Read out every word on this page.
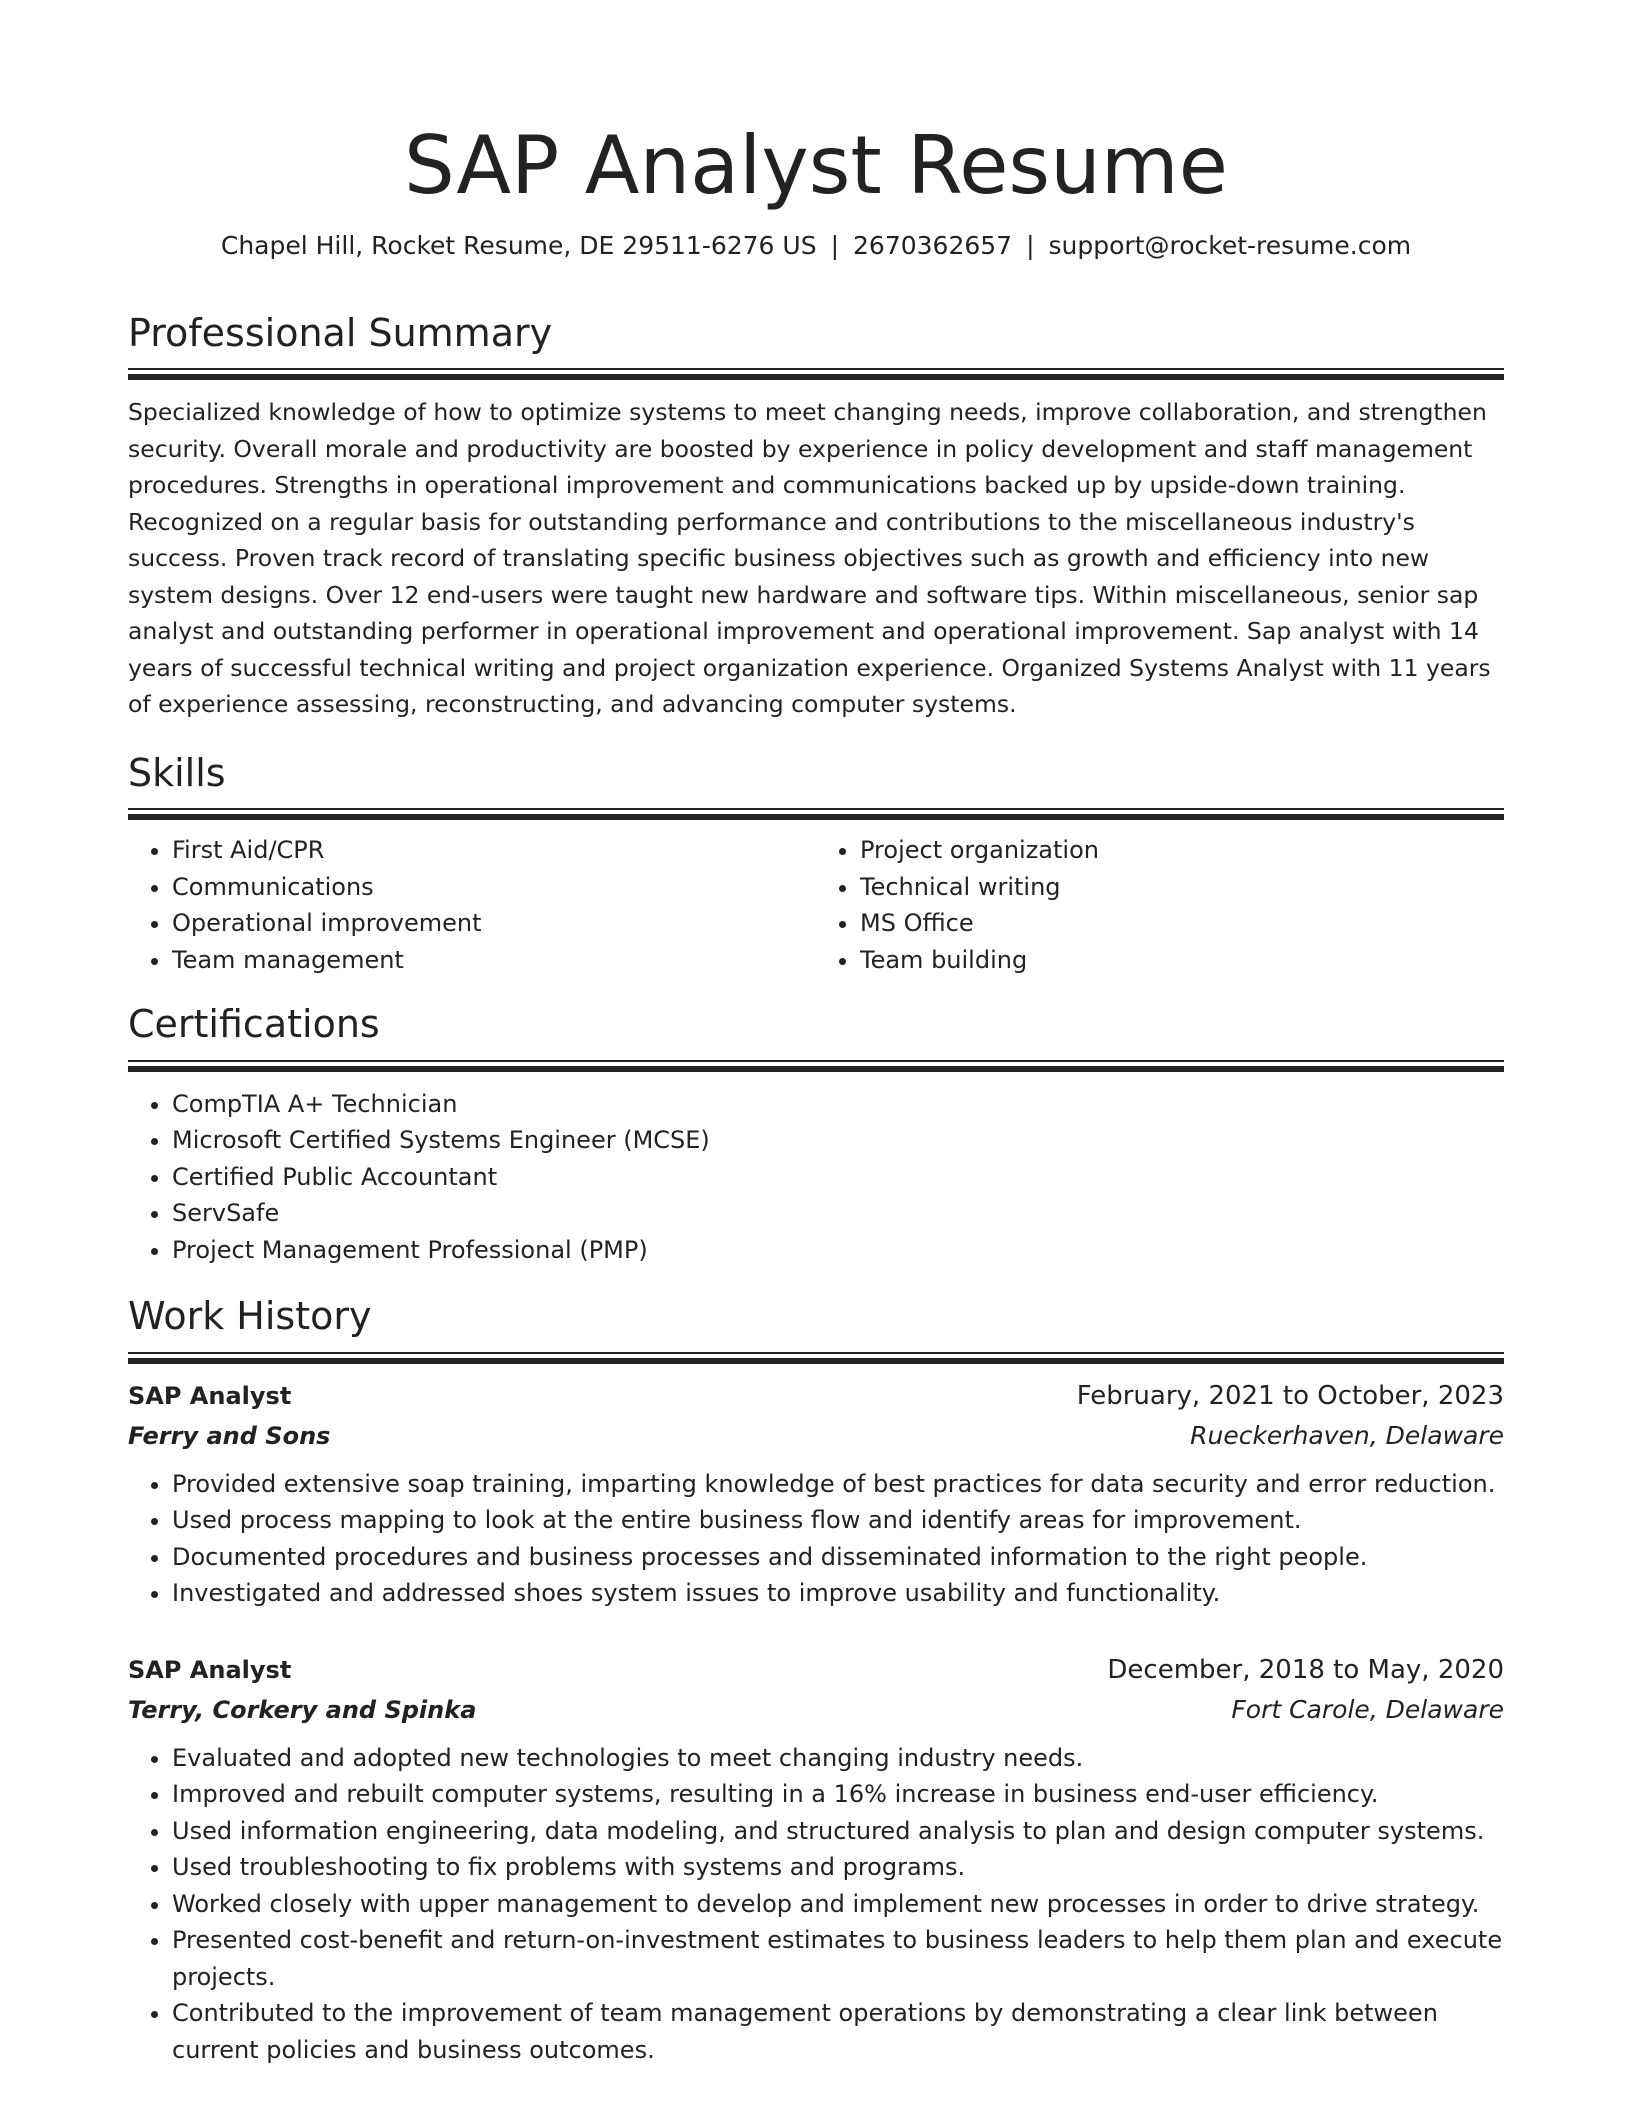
SAP Analyst Resume
Chapel Hill, Rocket Resume, DE 29511-6276 US | 2670362657 | support@rocket-resume.com
Professional Summary

Specialized knowledge of how to optimize systems to meet changing needs, improve collaboration, and strengthen security. Overall morale and productivity are boosted by experience in policy development and staff management procedures. Strengths in operational improvement and communications backed up by upside-down training. Recognized on a regular basis for outstanding performance and contributions to the miscellaneous industry's success. Proven track record of translating specific business objectives such as growth and efficiency into new system designs. Over 12 end-users were taught new hardware and software tips. Within miscellaneous, senior sap analyst and outstanding performer in operational improvement and operational improvement. Sap analyst with 14 years of successful technical writing and project organization experience. Organized Systems Analyst with 11 years of experience assessing, reconstructing, and advancing computer systems.

Skills
• First Aid/CPR
• Communications
• Operational improvement
• Team management
• Project organization
• Technical writing
• MS Office
• Team building
Certifications
• CompTIA A+ Technician
• Microsoft Certified Systems Engineer (MCSE)
• Certified Public Accountant
• ServSafe
• Project Management Professional (PMP)
Work History
SAP Analyst	February, 2021 to October, 2023
Ferry and Sons	Rueckerhaven, Delaware
• Provided extensive soap training, imparting knowledge of best practices for data security and error reduction.
• Used process mapping to look at the entire business flow and identify areas for improvement.
• Documented procedures and business processes and disseminated information to the right people.
• Investigated and addressed shoes system issues to improve usability and functionality.
SAP Analyst	December, 2018 to May, 2020
Terry, Corkery and Spinka	Fort Carole, Delaware
• Evaluated and adopted new technologies to meet changing industry needs.
• Improved and rebuilt computer systems, resulting in a 16% increase in business end-user efficiency.
• Used information engineering, data modeling, and structured analysis to plan and design computer systems.
• Used troubleshooting to fix problems with systems and programs.
• Worked closely with upper management to develop and implement new processes in order to drive strategy.
• Presented cost-benefit and return-on-investment estimates to business leaders to help them plan and execute projects.
• Contributed to the improvement of team management operations by demonstrating a clear link between current policies and business outcomes.
